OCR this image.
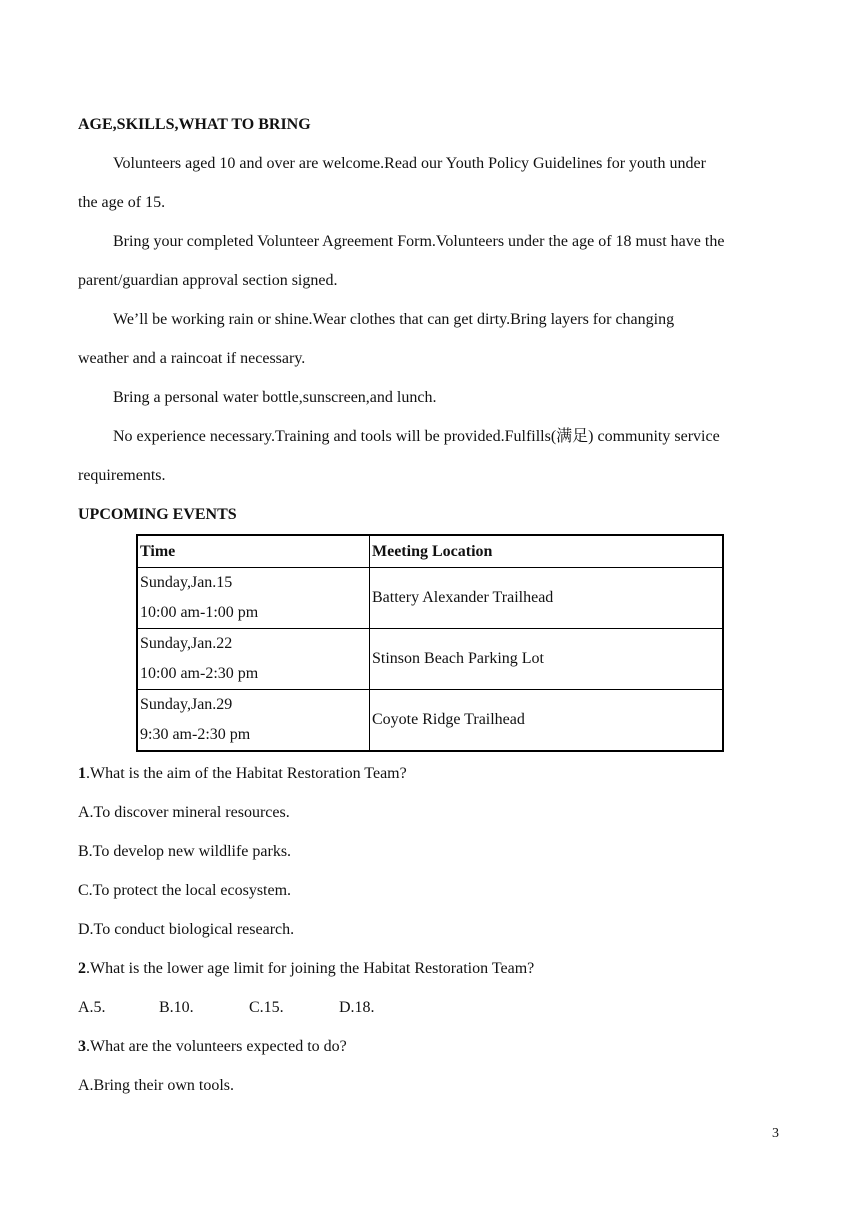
AGE,SKILLS,WHAT TO BRING
Volunteers aged 10 and over are welcome.Read our Youth Policy Guidelines for youth under
the age of 15.
Bring your completed Volunteer Agreement Form.Volunteers under the age of 18 must have the
parent/guardian approval section signed.
We’ll be working rain or shine.Wear clothes that can get dirty.Bring layers for changing
weather and a raincoat if necessary.
Bring a personal water bottle,sunscreen,and lunch.
No experience necessary.Training and tools will be provided.Fulfills(满足) community service
requirements.
UPCOMING EVENTS
Time	Meeting Location

Sunday,Jan.15
10:00 am-1:00 pm	Battery Alexander Trailhead

Sunday,Jan.22
10:00 am-2:30 pm	Stinson Beach Parking Lot

Sunday,Jan.29
9:30 am-2:30 pm	Coyote Ridge Trailhead
1.What is the aim of the Habitat Restoration Team?
A.To discover mineral resources.
B.To develop new wildlife parks.
C.To protect the local ecosystem.
D.To conduct biological research.
2.What is the lower age limit for joining the Habitat Restoration Team?
A.5.	B.10.	C.15.	D.18.
3.What are the volunteers expected to do?
A.Bring their own tools.
3
